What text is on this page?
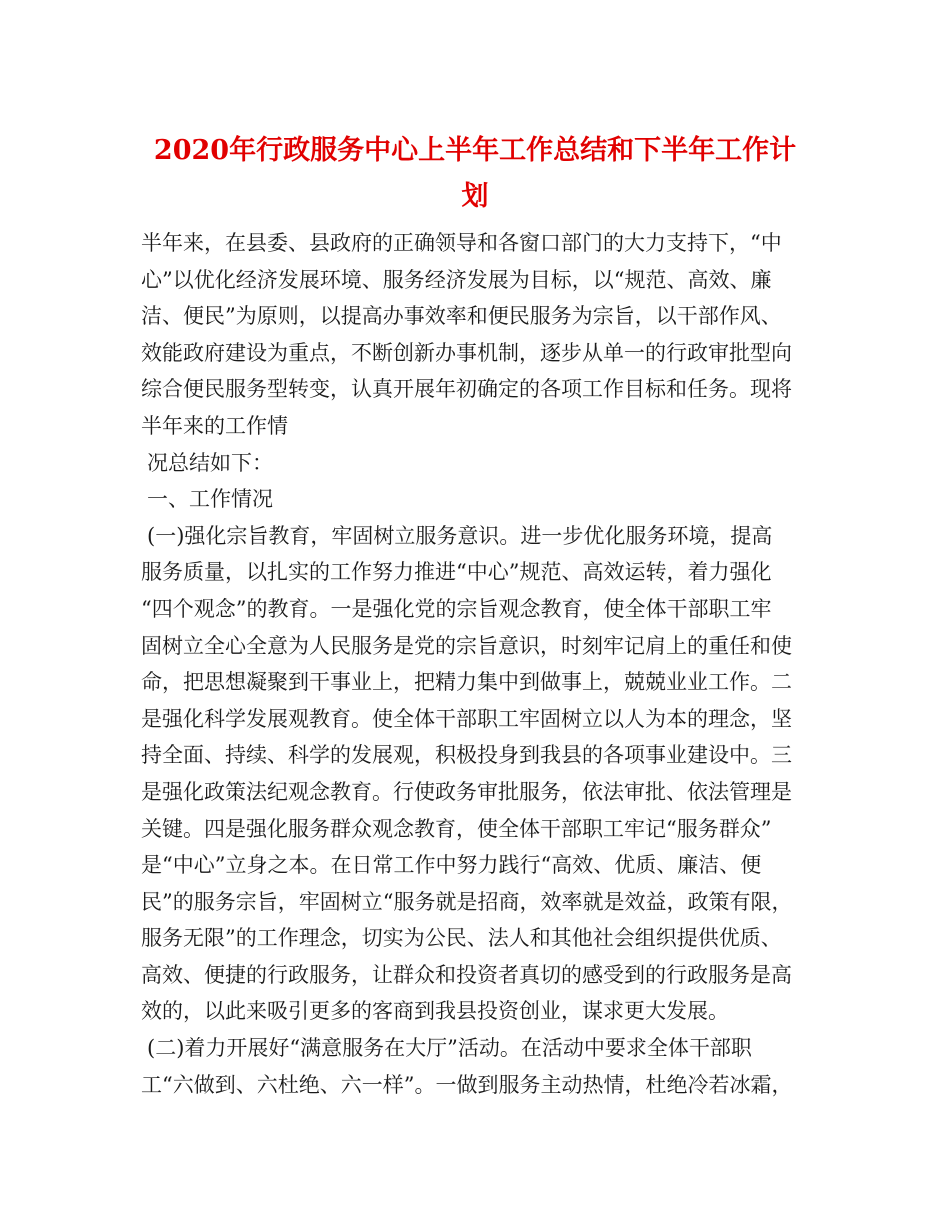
2020年行政服务中心上半年工作总结和下半年工作计
划
半年来，在县委、县政府的正确领导和各窗口部门的大力支持下，“中
心”以优化经济发展环境、服务经济发展为目标，以“规范、高效、廉
洁、便民”为原则，以提高办事效率和便民服务为宗旨，以干部作风、
效能政府建设为重点，不断创新办事机制，逐步从单一的行政审批型向
综合便民服务型转变，认真开展年初确定的各项工作目标和任务。现将
半年来的工作情
况总结如下：
一、工作情况
(一)强化宗旨教育，牢固树立服务意识。进一步优化服务环境，提高
服务质量，以扎实的工作努力推进“中心”规范、高效运转，着力强化
“四个观念”的教育。一是强化党的宗旨观念教育，使全体干部职工牢
固树立全心全意为人民服务是党的宗旨意识，时刻牢记肩上的重任和使
命，把思想凝聚到干事业上，把精力集中到做事上，兢兢业业工作。二
是强化科学发展观教育。使全体干部职工牢固树立以人为本的理念，坚
持全面、持续、科学的发展观，积极投身到我县的各项事业建设中。三
是强化政策法纪观念教育。行使政务审批服务，依法审批、依法管理是
关键。四是强化服务群众观念教育，使全体干部职工牢记“服务群众”
是“中心”立身之本。在日常工作中努力践行“高效、优质、廉洁、便
民”的服务宗旨，牢固树立“服务就是招商，效率就是效益，政策有限，
服务无限”的工作理念，切实为公民、法人和其他社会组织提供优质、
高效、便捷的行政服务，让群众和投资者真切的感受到的行政服务是高
效的，以此来吸引更多的客商到我县投资创业，谋求更大发展。
(二)着力开展好“满意服务在大厅”活动。在活动中要求全体干部职
工“六做到、六杜绝、六一样”。一做到服务主动热情，杜绝冷若冰霜，
